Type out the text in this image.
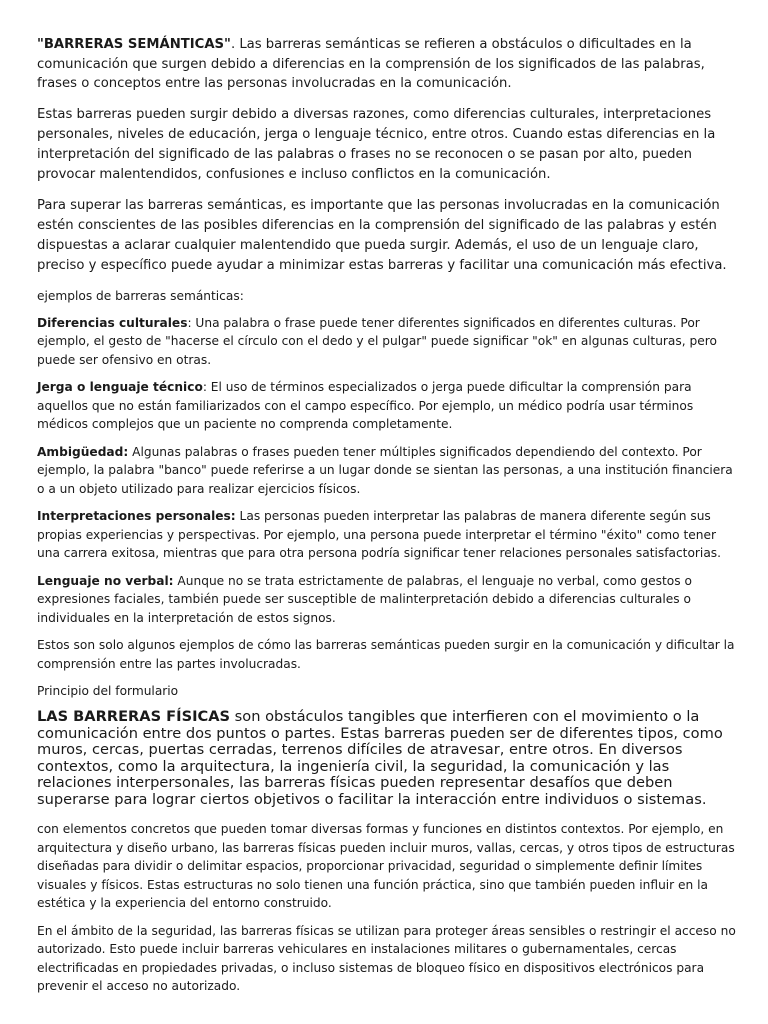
"BARRERAS SEMÁNTICAS". Las barreras semánticas se refieren a obstáculos o dificultades en la comunicación que surgen debido a diferencias en la comprensión de los significados de las palabras, frases o conceptos entre las personas involucradas en la comunicación.

Estas barreras pueden surgir debido a diversas razones, como diferencias culturales, interpretaciones personales, niveles de educación, jerga o lenguaje técnico, entre otros. Cuando estas diferencias en la interpretación del significado de las palabras o frases no se reconocen o se pasan por alto, pueden provocar malentendidos, confusiones e incluso conflictos en la comunicación.

Para superar las barreras semánticas, es importante que las personas involucradas en la comunicación estén conscientes de las posibles diferencias en la comprensión del significado de las palabras y estén dispuestas a aclarar cualquier malentendido que pueda surgir. Además, el uso de un lenguaje claro, preciso y específico puede ayudar a minimizar estas barreras y facilitar una comunicación más efectiva.

ejemplos de barreras semánticas:

Diferencias culturales: Una palabra o frase puede tener diferentes significados en diferentes culturas. Por ejemplo, el gesto de "hacerse el círculo con el dedo y el pulgar" puede significar "ok" en algunas culturas, pero puede ser ofensivo en otras.

Jerga o lenguaje técnico: El uso de términos especializados o jerga puede dificultar la comprensión para aquellos que no están familiarizados con el campo específico. Por ejemplo, un médico podría usar términos médicos complejos que un paciente no comprenda completamente.

Ambigüedad: Algunas palabras o frases pueden tener múltiples significados dependiendo del contexto. Por ejemplo, la palabra "banco" puede referirse a un lugar donde se sientan las personas, a una institución financiera o a un objeto utilizado para realizar ejercicios físicos.

Interpretaciones personales: Las personas pueden interpretar las palabras de manera diferente según sus propias experiencias y perspectivas. Por ejemplo, una persona puede interpretar el término "éxito" como tener una carrera exitosa, mientras que para otra persona podría significar tener relaciones personales satisfactorias.

Lenguaje no verbal: Aunque no se trata estrictamente de palabras, el lenguaje no verbal, como gestos o expresiones faciales, también puede ser susceptible de malinterpretación debido a diferencias culturales o individuales en la interpretación de estos signos.

Estos son solo algunos ejemplos de cómo las barreras semánticas pueden surgir en la comunicación y dificultar la comprensión entre las partes involucradas.

Principio del formulario

LAS BARRERAS FÍSICAS son obstáculos tangibles que interfieren con el movimiento o la comunicación entre dos puntos o partes. Estas barreras pueden ser de diferentes tipos, como muros, cercas, puertas cerradas, terrenos difíciles de atravesar, entre otros. En diversos contextos, como la arquitectura, la ingeniería civil, la seguridad, la comunicación y las relaciones interpersonales, las barreras físicas pueden representar desafíos que deben superarse para lograr ciertos objetivos o facilitar la interacción entre individuos o sistemas.

con elementos concretos que pueden tomar diversas formas y funciones en distintos contextos. Por ejemplo, en arquitectura y diseño urbano, las barreras físicas pueden incluir muros, vallas, cercas, y otros tipos de estructuras diseñadas para dividir o delimitar espacios, proporcionar privacidad, seguridad o simplemente definir límites visuales y físicos. Estas estructuras no solo tienen una función práctica, sino que también pueden influir en la estética y la experiencia del entorno construido.

En el ámbito de la seguridad, las barreras físicas se utilizan para proteger áreas sensibles o restringir el acceso no autorizado. Esto puede incluir barreras vehiculares en instalaciones militares o gubernamentales, cercas electrificadas en propiedades privadas, o incluso sistemas de bloqueo físico en dispositivos electrónicos para prevenir el acceso no autorizado.
